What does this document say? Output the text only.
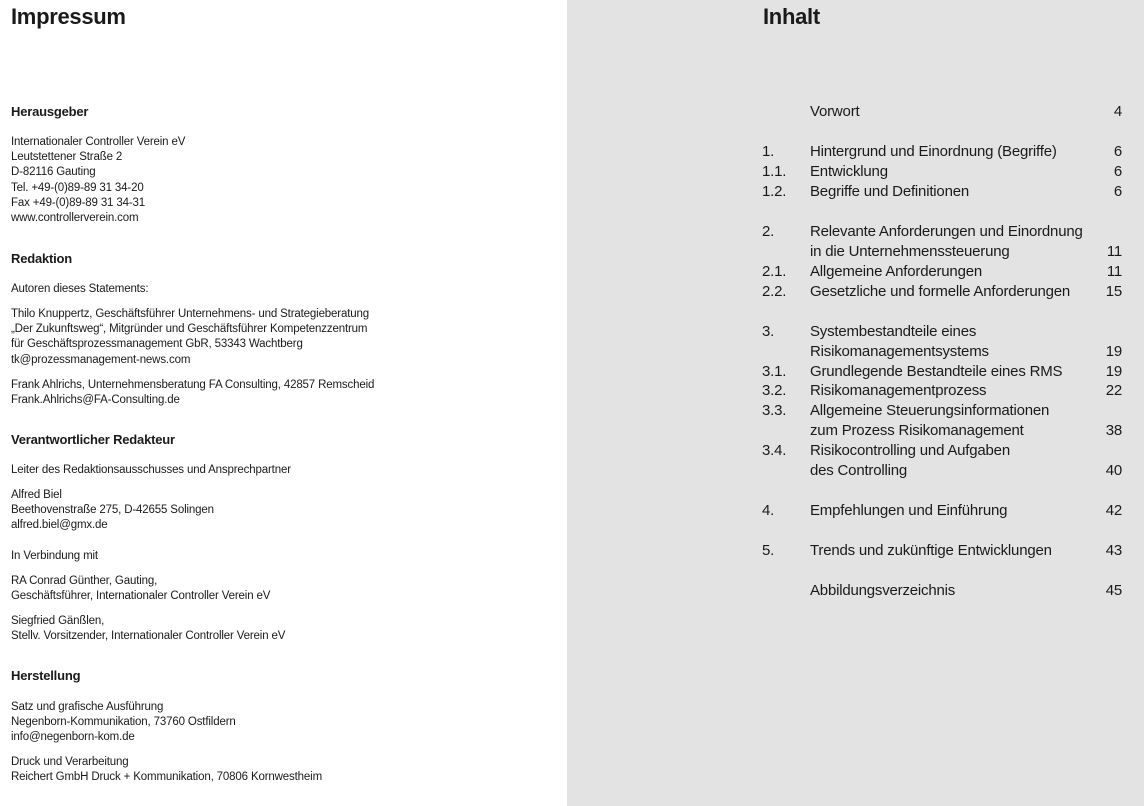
Impressum
Herausgeber
Internationaler Controller Verein eV
Leutstettener Straße 2
D-82116 Gauting
Tel. +49-(0)89-89 31 34-20
Fax +49-(0)89-89 31 34-31
www.controllerverein.com
Redaktion
Autoren dieses Statements:
Thilo Knuppertz, Geschäftsführer Unternehmens- und Strategieberatung
„Der Zukunftsweg“, Mitgründer und Geschäftsführer Kompetenzzentrum
für Geschäftsprozessmanagement GbR, 53343 Wachtberg
tk@prozessmanagement-news.com
Frank Ahlrichs, Unternehmensberatung FA Consulting, 42857 Remscheid
Frank.Ahlrichs@FA-Consulting.de
Verantwortlicher Redakteur
Leiter des Redaktionsausschusses und Ansprechpartner
Alfred Biel
Beethovenstraße 275, D-42655 Solingen
alfred.biel@gmx.de
In Verbindung mit
RA Conrad Günther, Gauting,
Geschäftsführer, Internationaler Controller Verein eV
Siegfried Gänßlen,
Stellv. Vorsitzender, Internationaler Controller Verein eV
Herstellung
Satz und grafische Ausführung
Negenborn-Kommunikation, 73760 Ostfildern
info@negenborn-kom.de
Druck und Verarbeitung
Reichert GmbH Druck + Kommunikation, 70806 Kornwestheim
Inhalt
Vorwort	4
1. Hintergrund und Einordnung (Begriffe)	6
1.1. Entwicklung	6
1.2. Begriffe und Definitionen	6
2. Relevante Anforderungen und Einordnung
in die Unternehmenssteuerung	11
2.1. Allgemeine Anforderungen	11
2.2. Gesetzliche und formelle Anforderungen 15
3. Systembestandteile eines
Risikomanagementsystems	19
3.1. Grundlegende Bestandteile eines RMS	19
3.2. Risikomanagementprozess	22
3.3. Allgemeine Steuerungsinformationen
zum Prozess Risikomanagement	38
3.4. Risikocontrolling und Aufgaben
des Controlling	40
4. Empfehlungen und Einführung	42
5. Trends und zukünftige Entwicklungen	43
Abbildungsverzeichnis	45
